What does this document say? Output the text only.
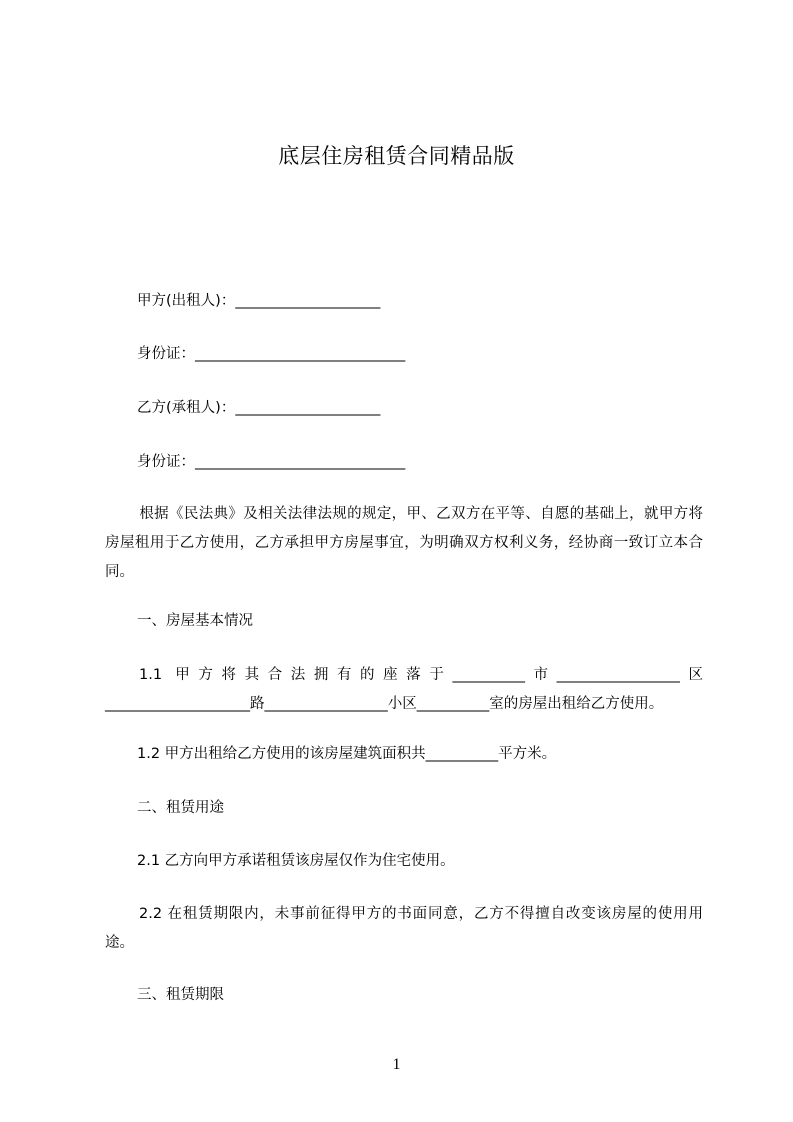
底层住房租赁合同精品版
甲方(出租人)：____________________
身份证：_____________________________
乙方(承租人)：____________________
身份证：_____________________________
根据《民法典》及相关法律法规的规定，甲、乙双方在平等、自愿的基础上，就甲方将房屋租用于乙方使用，乙方承担甲方房屋事宜，为明确双方权利义务，经协商一致订立本合同。
一、房屋基本情况
1.1 甲方将其合法拥有的座落于__________市_________________区____________________路_________________小区__________室的房屋出租给乙方使用。
1.2 甲方出租给乙方使用的该房屋建筑面积共__________平方米。
二、租赁用途
2.1 乙方向甲方承诺租赁该房屋仅作为住宅使用。
2.2 在租赁期限内，未事前征得甲方的书面同意，乙方不得擅自改变该房屋的使用用途。
三、租赁期限
1
